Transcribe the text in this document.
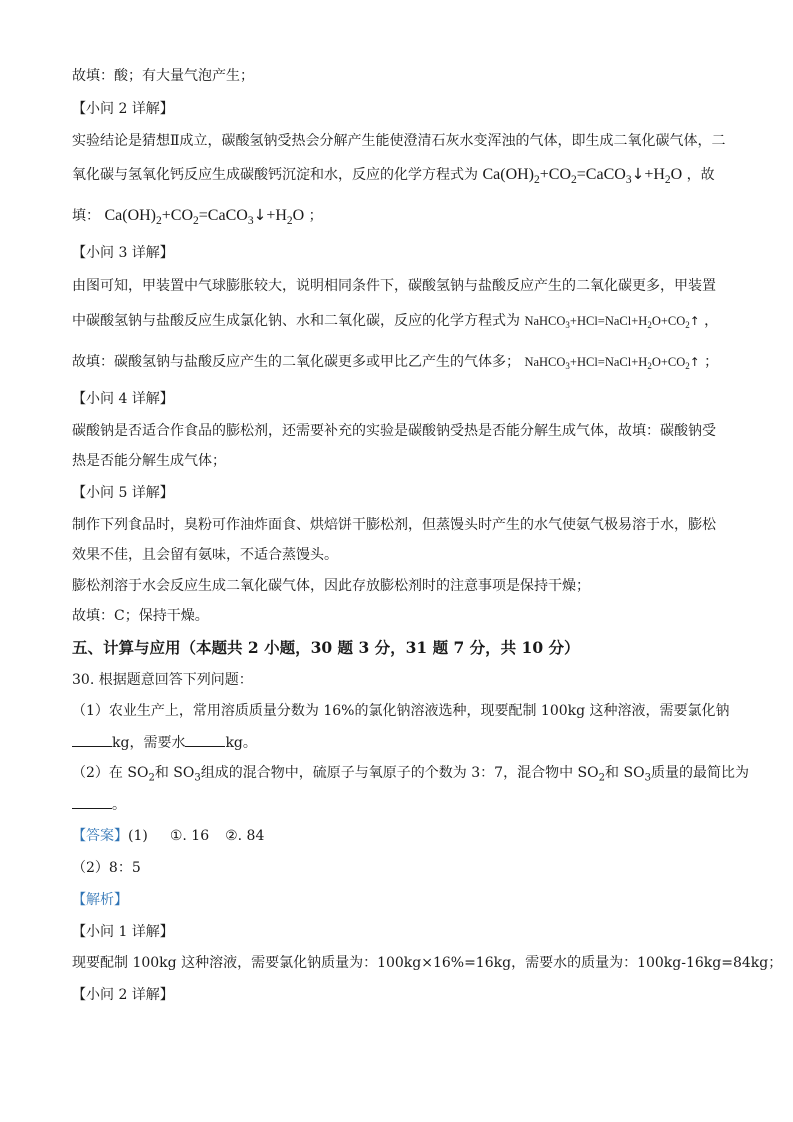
故填：酸；有大量气泡产生；
【小问 2 详解】
实验结论是猜想Ⅱ成立，碳酸氢钠受热会分解产生能使澄清石灰水变浑浊的气体，即生成二氧化碳气体，二
氧化碳与氢氧化钙反应生成碳酸钙沉淀和水，反应的化学方程式为 $Ca(OH)_2+CO_2=CaCO_3↓+H_2O$ ，故
填： $Ca(OH)_2+CO_2=CaCO_3↓+H_2O$ ；
【小问 3 详解】
由图可知，甲装置中气球膨胀较大，说明相同条件下，碳酸氢钠与盐酸反应产生的二氧化碳更多，甲装置
中碳酸氢钠与盐酸反应生成氯化钠、水和二氧化碳，反应的化学方程式为 $NaHCO_3+HCl=NaCl+H_2O+CO_2↑$ ，
故填：碳酸氢钠与盐酸反应产生的二氧化碳更多或甲比乙产生的气体多； $NaHCO_3+HCl=NaCl+H_2O+CO_2↑$ ；
【小问 4 详解】
碳酸钠是否适合作食品的膨松剂，还需要补充的实验是碳酸钠受热是否能分解生成气体，故填：碳酸钠受
热是否能分解生成气体；
【小问 5 详解】
制作下列食品时，臭粉可作油炸面食、烘焙饼干膨松剂，但蒸馒头时产生的水气使氨气极易溶于水，膨松
效果不佳，且会留有氨味，不适合蒸馒头。
膨松剂溶于水会反应生成二氧化碳气体，因此存放膨松剂时的注意事项是保持干燥；
故填：C；保持干燥。
五、计算与应用（本题共 2 小题，30 题 3 分，31 题 7 分，共 10 分）
30. 根据题意回答下列问题：
（1）农业生产上，常用溶质质量分数为 16%的氯化钠溶液选种，现要配制 100kg 这种溶液，需要氯化钠
kg，需要水	kg。
（2）在 $SO_2$和 $SO_3$组成的混合物中，硫原子与氧原子的个数为 3：7，混合物中 $SO_2$和 $SO_3$质量的最简比为
。
【答案】(1) ①. 16 ②. 84
（2）8：5
【解析】
【小问 1 详解】
现要配制 100kg 这种溶液，需要氯化钠质量为：100kg×16%=16kg，需要水的质量为：100kg-16kg=84kg；
【小问 2 详解】
